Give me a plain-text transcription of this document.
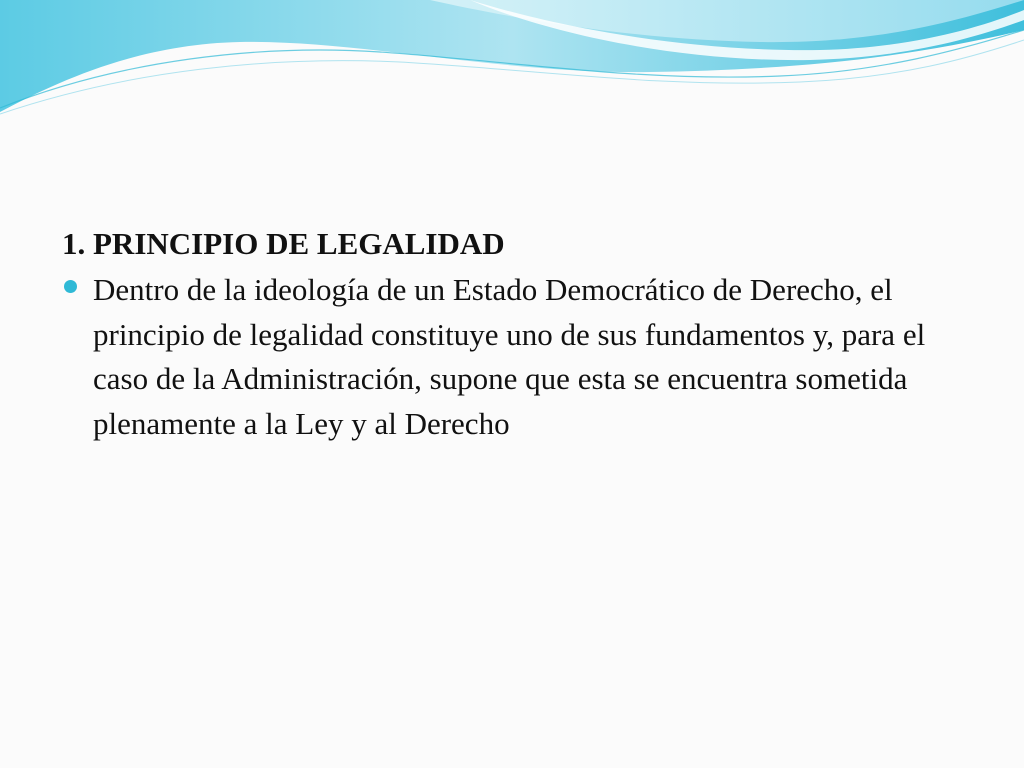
1. PRINCIPIO DE LEGALIDAD

Dentro de la ideología de un Estado Democrático de Derecho, el principio de legalidad constituye uno de sus fundamentos y, para el caso de la Administración, supone que esta se encuentra sometida plenamente a la Ley y al Derecho
